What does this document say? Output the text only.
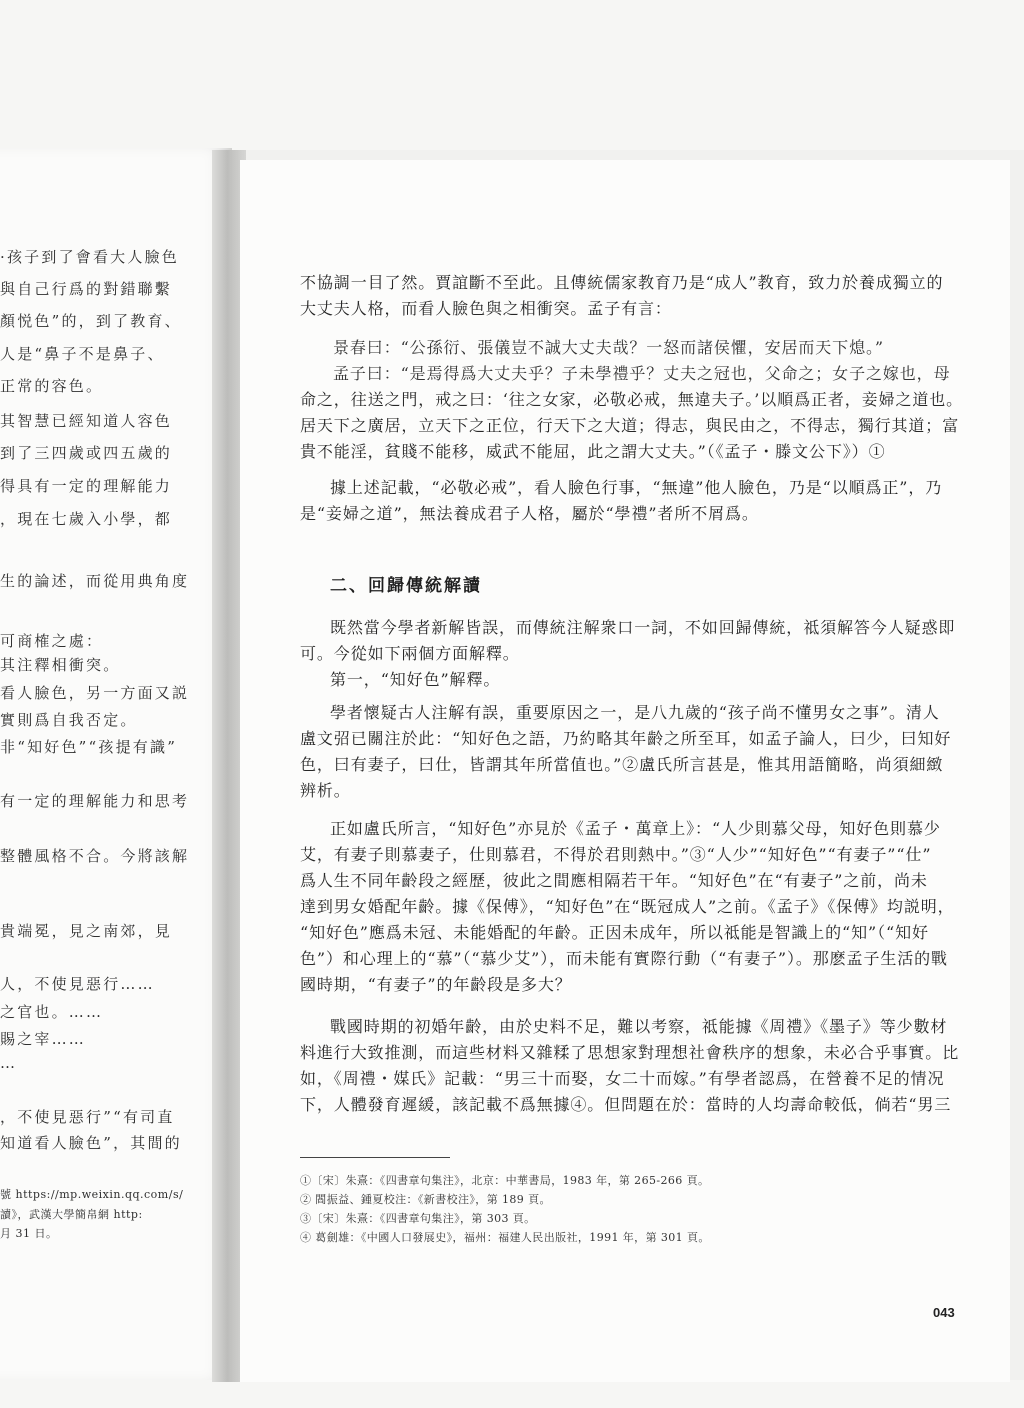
·孩子到了會看大人臉色
與自己行爲的對錯聯繫
顏悦色”的，到了教育、
人是“鼻子不是鼻子、
正常的容色。
其智慧已經知道人容色
到了三四歲或四五歲的
得具有一定的理解能力
，現在七歲入小學，都
生的論述，而從用典角度
可商榷之處：
其注釋相衝突。
看人臉色，另一方面又説
實則爲自我否定。
非“知好色”“孩提有識”
有一定的理解能力和思考
整體風格不合。今將該解
貴端冕，見之南郊，見
人，不使見惡行……
之官也。……
賜之宰……
…
，不使見惡行”“有司直
知道看人臉色”，其間的
號 https://mp.weixin.qq.com/s/
讀》，武漢大學簡帛網 http:
月 31 日。
不協調一目了然。賈誼斷不至此。且傳統儒家教育乃是“成人”教育，致力於養成獨立的
大丈夫人格，而看人臉色與之相衝突。孟子有言：
景春曰：“公孫衍、張儀豈不誠大丈夫哉？一怒而諸侯懼，安居而天下熄。”
孟子曰：“是焉得爲大丈夫乎？子未學禮乎？丈夫之冠也，父命之；女子之嫁也，母
命之，往送之門，戒之曰：‘往之女家，必敬必戒，無違夫子。’以順爲正者，妾婦之道也。
居天下之廣居，立天下之正位，行天下之大道；得志，與民由之，不得志，獨行其道；富
貴不能淫，貧賤不能移，威武不能屈，此之謂大丈夫。”（《孟子・滕文公下》）①
據上述記載，“必敬必戒”，看人臉色行事，“無違”他人臉色，乃是“以順爲正”，乃
是“妾婦之道”，無法養成君子人格，屬於“學禮”者所不屑爲。
二、回歸傳統解讀
既然當今學者新解皆誤，而傳統注解衆口一詞，不如回歸傳統，祗須解答今人疑惑即
可。今從如下兩個方面解釋。
第一，“知好色”解釋。
學者懷疑古人注解有誤，重要原因之一，是八九歲的“孩子尚不懂男女之事”。清人
盧文弨已關注於此：“知好色之語，乃約略其年齡之所至耳，如孟子論人，曰少，曰知好
色，曰有妻子，曰仕，皆謂其年所當值也。”②盧氏所言甚是，惟其用語簡略，尚須細緻
辨析。
正如盧氏所言，“知好色”亦見於《孟子・萬章上》：“人少則慕父母，知好色則慕少
艾，有妻子則慕妻子，仕則慕君，不得於君則熱中。”③“人少”“知好色”“有妻子”“仕”
爲人生不同年齡段之經歷，彼此之間應相隔若干年。“知好色”在“有妻子”之前，尚未
達到男女婚配年齡。據《保傅》，“知好色”在“既冠成人”之前。《孟子》《保傅》均説明，
“知好色”應爲未冠、未能婚配的年齡。正因未成年，所以祗能是智識上的“知”（“知好
色”）和心理上的“慕”（“慕少艾”），而未能有實際行動（“有妻子”）。那麽孟子生活的戰
國時期，“有妻子”的年齡段是多大？
戰國時期的初婚年齡，由於史料不足，難以考察，祗能據《周禮》《墨子》等少數材
料進行大致推測，而這些材料又雜糅了思想家對理想社會秩序的想象，未必合乎事實。比
如，《周禮・媒氏》記載：“男三十而娶，女二十而嫁。”有學者認爲，在營養不足的情况
下，人體發育遲緩，該記載不爲無據④。但問題在於：當時的人均壽命較低，倘若“男三
①〔宋〕朱熹：《四書章句集注》，北京：中華書局，1983 年，第 265-266 頁。
② 閻振益、鍾夏校注：《新書校注》，第 189 頁。
③〔宋〕朱熹：《四書章句集注》，第 303 頁。
④ 葛劍雄：《中國人口發展史》，福州：福建人民出版社，1991 年，第 301 頁。
043
